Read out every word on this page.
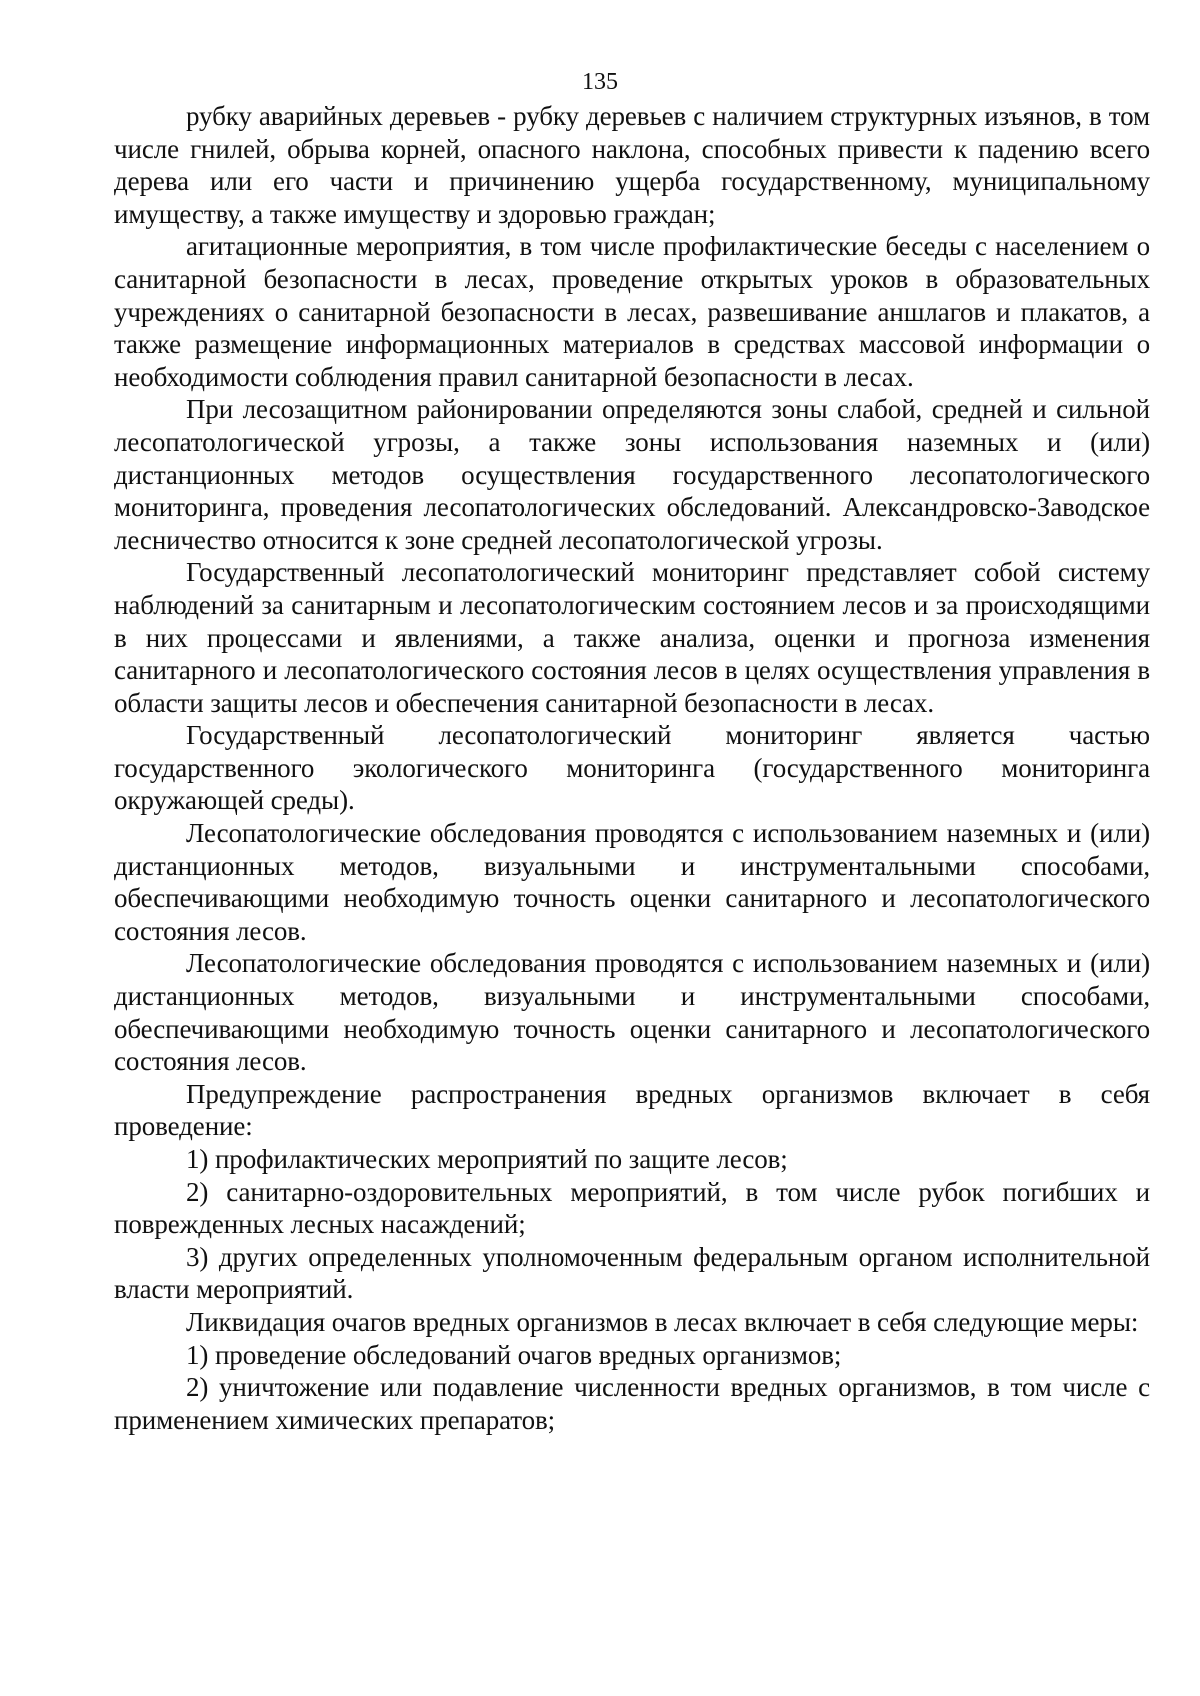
135

рубку аварийных деревьев - рубку деревьев с наличием структурных изъянов, в том числе гнилей, обрыва корней, опасного наклона, способных привести к падению всего дерева или его части и причинению ущерба государственному, муниципальному имуществу, а также имуществу и здоровью граждан;

агитационные мероприятия, в том числе профилактические беседы с населением о санитарной безопасности в лесах, проведение открытых уроков в образовательных учреждениях о санитарной безопасности в лесах, развешивание аншлагов и плакатов, а также размещение информационных материалов в средствах массовой информации о необходимости соблюдения правил санитарной безопасности в лесах.

При лесозащитном районировании определяются зоны слабой, средней и сильной лесопатологической угрозы, а также зоны использования наземных и (или) дистанционных методов осуществления государственного лесопатологического мониторинга, проведения лесопатологических обследований. Александровско-Заводское лесничество относится к зоне средней лесопатологической угрозы.

Государственный лесопатологический мониторинг представляет собой систему наблюдений за санитарным и лесопатологическим состоянием лесов и за происходящими в них процессами и явлениями, а также анализа, оценки и прогноза изменения санитарного и лесопатологического состояния лесов в целях осуществления управления в области защиты лесов и обеспечения санитарной безопасности в лесах.

Государственный лесопатологический мониторинг является частью государственного экологического мониторинга (государственного мониторинга окружающей среды).

Лесопатологические обследования проводятся с использованием наземных и (или) дистанционных методов, визуальными и инструментальными способами, обеспечивающими необходимую точность оценки санитарного и лесопатологического состояния лесов.

Лесопатологические обследования проводятся с использованием наземных и (или) дистанционных методов, визуальными и инструментальными способами, обеспечивающими необходимую точность оценки санитарного и лесопатологического состояния лесов.

Предупреждение распространения вредных организмов включает в себя проведение:

1) профилактических мероприятий по защите лесов;

2) санитарно-оздоровительных мероприятий, в том числе рубок погибших и поврежденных лесных насаждений;

3) других определенных уполномоченным федеральным органом исполнительной власти мероприятий.

Ликвидация очагов вредных организмов в лесах включает в себя следующие меры:

1) проведение обследований очагов вредных организмов;

2) уничтожение или подавление численности вредных организмов, в том числе с применением химических препаратов;
